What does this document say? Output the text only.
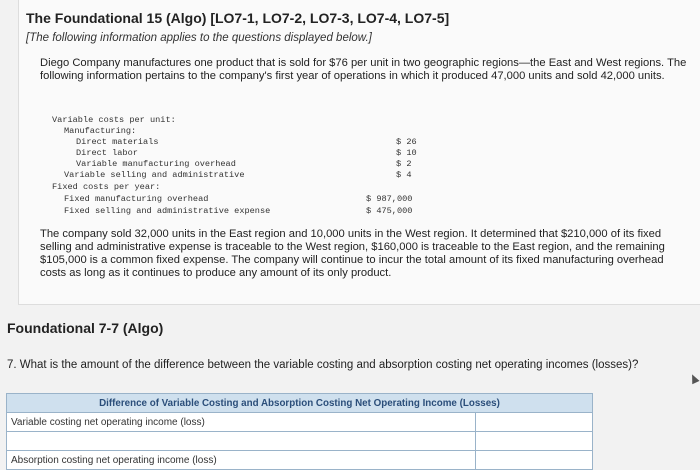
The Foundational 15 (Algo) [LO7-1, LO7-2, LO7-3, LO7-4, LO7-5]
[The following information applies to the questions displayed below.]
Diego Company manufactures one product that is sold for $76 per unit in two geographic regions—the East and West regions. The following information pertains to the company's first year of operations in which it produced 47,000 units and sold 42,000 units.
Variable costs per unit:
Manufacturing:
Direct materials	$ 26
Direct labor	$ 10
Variable manufacturing overhead	$ 2
Variable selling and administrative	$ 4
Fixed costs per year:
Fixed manufacturing overhead	$ 987,000
Fixed selling and administrative expense	$ 475,000
The company sold 32,000 units in the East region and 10,000 units in the West region. It determined that $210,000 of its fixed selling and administrative expense is traceable to the West region, $160,000 is traceable to the East region, and the remaining $105,000 is a common fixed expense. The company will continue to incur the total amount of its fixed manufacturing overhead costs as long as it continues to produce any amount of its only product.
Foundational 7-7 (Algo)
7. What is the amount of the difference between the variable costing and absorption costing net operating incomes (losses)?
Difference of Variable Costing and Absorption Costing Net Operating Income (Losses)	
Variable costing net operating income (loss)	

Absorption costing net operating income (loss)	
